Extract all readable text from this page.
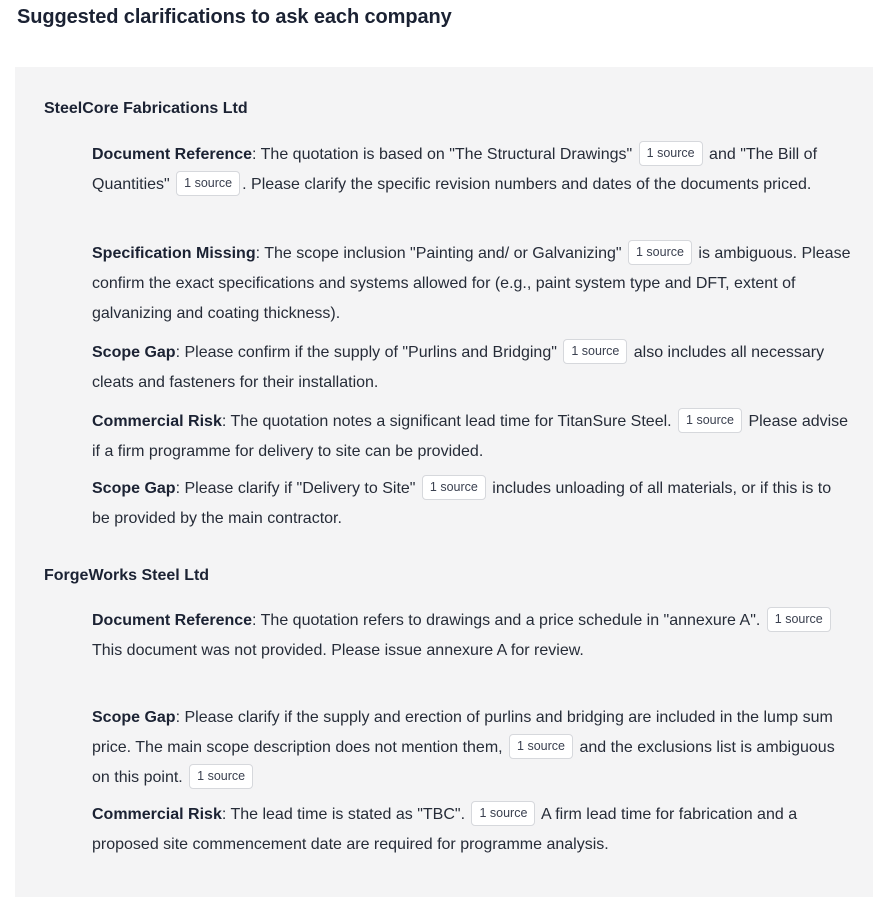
Suggested clarifications to ask each company
SteelCore Fabrications Ltd
Document Reference: The quotation is based on "The Structural Drawings" 1 source and "The Bill of Quantities" 1 source . Please clarify the specific revision numbers and dates of the documents priced.
Specification Missing: The scope inclusion "Painting and/ or Galvanizing" 1 source is ambiguous. Please confirm the exact specifications and systems allowed for (e.g., paint system type and DFT, extent of galvanizing and coating thickness).
Scope Gap: Please confirm if the supply of "Purlins and Bridging" 1 source also includes all necessary cleats and fasteners for their installation.
Commercial Risk: The quotation notes a significant lead time for TitanSure Steel. 1 source Please advise if a firm programme for delivery to site can be provided.
Scope Gap: Please clarify if "Delivery to Site" 1 source includes unloading of all materials, or if this is to be provided by the main contractor.
ForgeWorks Steel Ltd
Document Reference: The quotation refers to drawings and a price schedule in "annexure A". 1 source This document was not provided. Please issue annexure A for review.
Scope Gap: Please clarify if the supply and erection of purlins and bridging are included in the lump sum price. The main scope description does not mention them, 1 source and the exclusions list is ambiguous on this point. 1 source
Commercial Risk: The lead time is stated as "TBC". 1 source A firm lead time for fabrication and a proposed site commencement date are required for programme analysis.
